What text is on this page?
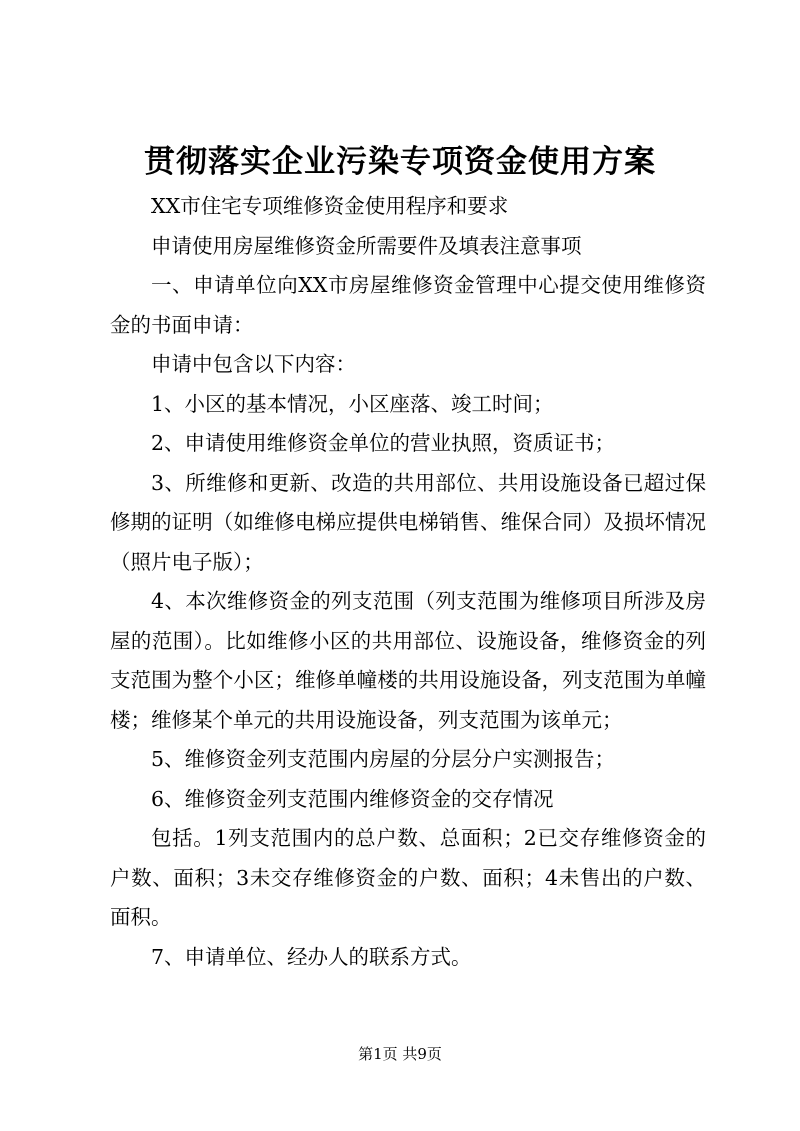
贯彻落实企业污染专项资金使用方案

XX市住宅专项维修资金使用程序和要求

申请使用房屋维修资金所需要件及填表注意事项

一、申请单位向XX市房屋维修资金管理中心提交使用维修资金的书面申请：

申请中包含以下内容：

1、小区的基本情况，小区座落、竣工时间；

2、申请使用维修资金单位的营业执照，资质证书；

3、所维修和更新、改造的共用部位、共用设施设备已超过保修期的证明（如维修电梯应提供电梯销售、维保合同）及损坏情况（照片电子版）；

4、本次维修资金的列支范围（列支范围为维修项目所涉及房屋的范围）。比如维修小区的共用部位、设施设备，维修资金的列支范围为整个小区；维修单幢楼的共用设施设备，列支范围为单幢楼；维修某个单元的共用设施设备，列支范围为该单元；

5、维修资金列支范围内房屋的分层分户实测报告；

6、维修资金列支范围内维修资金的交存情况

包括。1列支范围内的总户数、总面积；2已交存维修资金的户数、面积；3未交存维修资金的户数、面积；4未售出的户数、面积。

7、申请单位、经办人的联系方式。

第1页 共9页
